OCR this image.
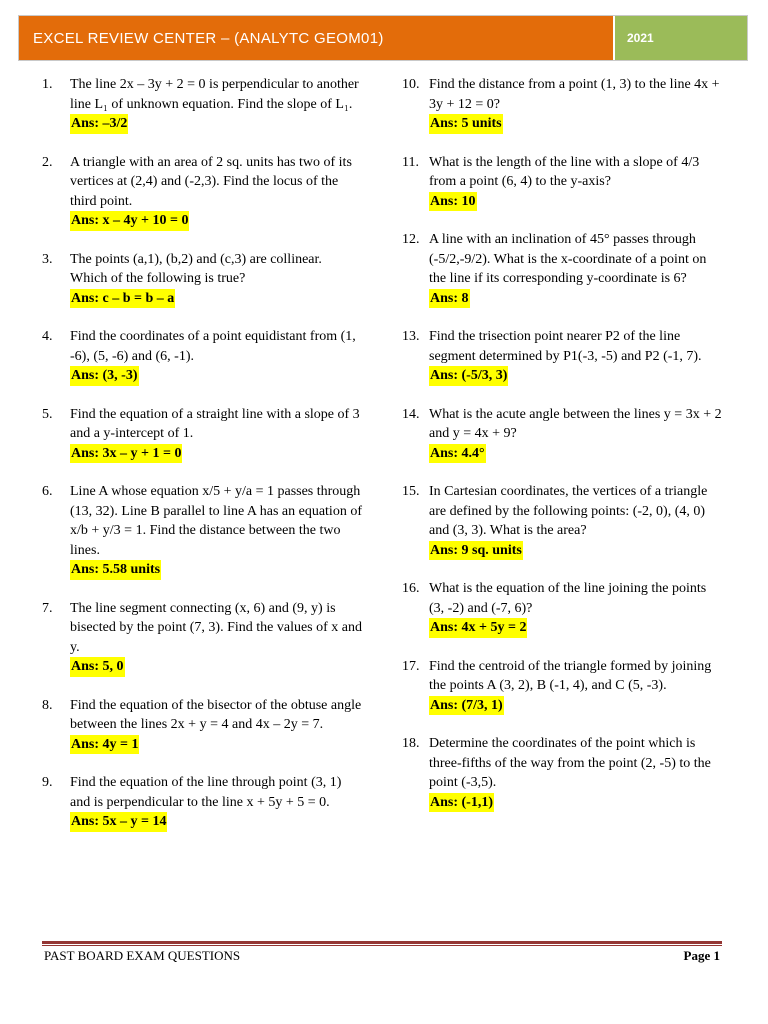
EXCEL REVIEW CENTER – (ANALYTC GEOM01)	2021
1.	The line 2x – 3y + 2 = 0 is perpendicular to another line L₁ of unknown equation. Find the slope of L₁.
Ans: –3/2
2.	A triangle with an area of 2 sq. units has two of its vertices at (2,4) and (-2,3). Find the locus of the third point.
Ans: x – 4y + 10 = 0
3.	The points (a,1), (b,2) and (c,3) are collinear. Which of the following is true?
Ans: c – b = b – a
4.	Find the coordinates of a point equidistant from (1, -6), (5, -6) and (6, -1).
Ans: (3, -3)
5.	Find the equation of a straight line with a slope of 3 and a y-intercept of 1.
Ans: 3x – y + 1 = 0
6.	Line A whose equation x/5 + y/a = 1 passes through (13, 32). Line B parallel to line A has an equation of x/b + y/3 = 1. Find the distance between the two lines.
Ans: 5.58 units
7.	The line segment connecting (x, 6) and (9, y) is bisected by the point (7, 3). Find the values of x and y.
Ans: 5, 0
8.	Find the equation of the bisector of the obtuse angle between the lines 2x + y = 4 and 4x – 2y = 7.
Ans: 4y = 1
9.	Find the equation of the line through point (3, 1) and is perpendicular to the line x + 5y + 5 = 0.
Ans: 5x – y = 14
10. Find the distance from a point (1, 3) to the line 4x + 3y + 12 = 0?
Ans: 5 units
11. What is the length of the line with a slope of 4/3 from a point (6, 4) to the y-axis?
Ans: 10
12. A line with an inclination of 45° passes through (-5/2,-9/2). What is the x-coordinate of a point on the line if its corresponding y-coordinate is 6?
Ans: 8
13. Find the trisection point nearer P2 of the line segment determined by P1(-3, -5) and P2 (-1, 7).
Ans: (-5/3, 3)
14. What is the acute angle between the lines y = 3x + 2 and y = 4x + 9?
Ans: 4.4°
15. In Cartesian coordinates, the vertices of a triangle are defined by the following points: (-2, 0), (4, 0) and (3, 3). What is the area?
Ans: 9 sq. units
16. What is the equation of the line joining the points (3, -2) and (-7, 6)?
Ans: 4x + 5y = 2
17. Find the centroid of the triangle formed by joining the points A (3, 2), B (-1, 4), and C (5, -3).
Ans: (7/3, 1)
18. Determine the coordinates of the point which is three-fifths of the way from the point (2, -5) to the point (-3,5).
Ans: (-1,1)
PAST BOARD EXAM QUESTIONS	Page 1
